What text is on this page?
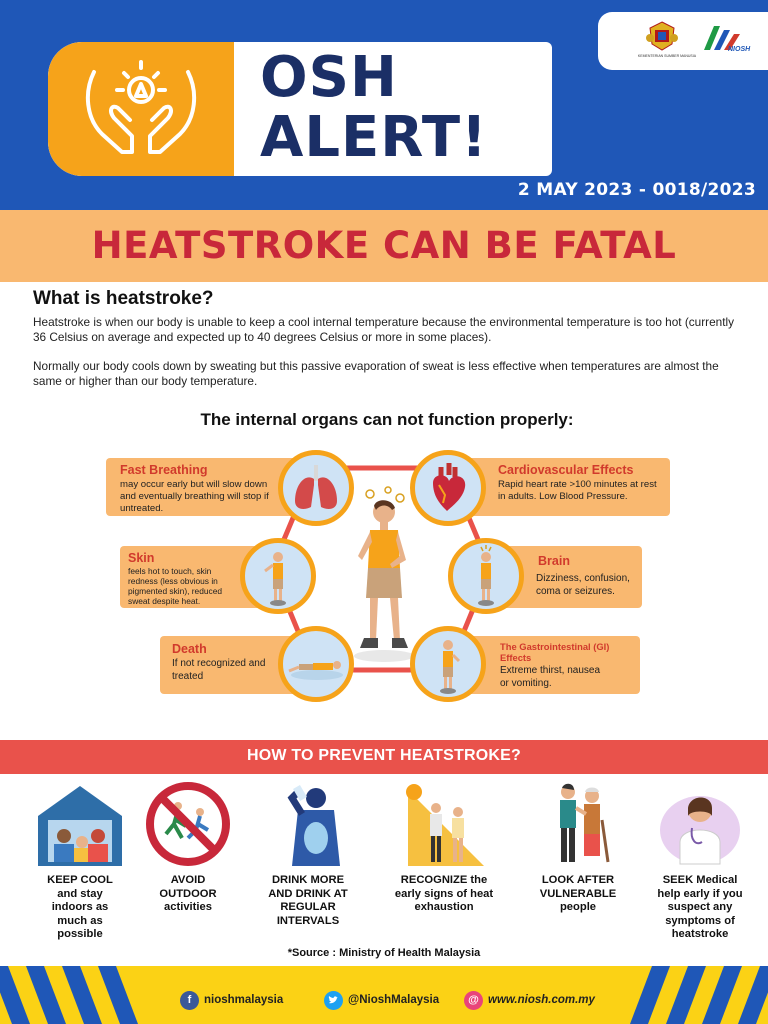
OSH
ALERT!
KEMENTERIAN SUMBER MANUSIA
NIOSH
2 MAY 2023 - 0018/2023
HEATSTROKE CAN BE FATAL
What is heatstroke?
Heatstroke is when our body is unable to keep a cool internal temperature because the environmental temperature is too hot (currently 36 Celsius on average and expected up to 40 degrees Celsius or more in some places).
Normally our body cools down by sweating but this passive evaporation of sweat is less effective when temperatures are almost the same or higher than our body temperature.
The internal organs can not function properly:
Fast Breathing
may occur early but will slow down and eventually breathing will stop if untreated.
Cardiovascular Effects
Rapid heart rate >100 minutes at rest in adults. Low Blood Pressure.
Skin
feels hot to touch, skin redness (less obvious in pigmented skin), reduced sweat despite heat.
Brain
Dizziness, confusion, coma or seizures.
Death
If not recognized and treated
The Gastrointestinal (GI) Effects
Extreme thirst, nausea or vomiting.
HOW TO PREVENT HEATSTROKE?
KEEP COOL and stay indoors as much as possible
AVOID OUTDOOR activities
DRINK MORE AND DRINK AT REGULAR INTERVALS
RECOGNIZE the early signs of heat exhaustion
LOOK AFTER VULNERABLE people
SEEK Medical help early if you suspect any symptoms of heatstroke
*Source : Ministry of Health Malaysia
f	nioshmalaysia	@NioshMalaysia	@ www.niosh.com.my
